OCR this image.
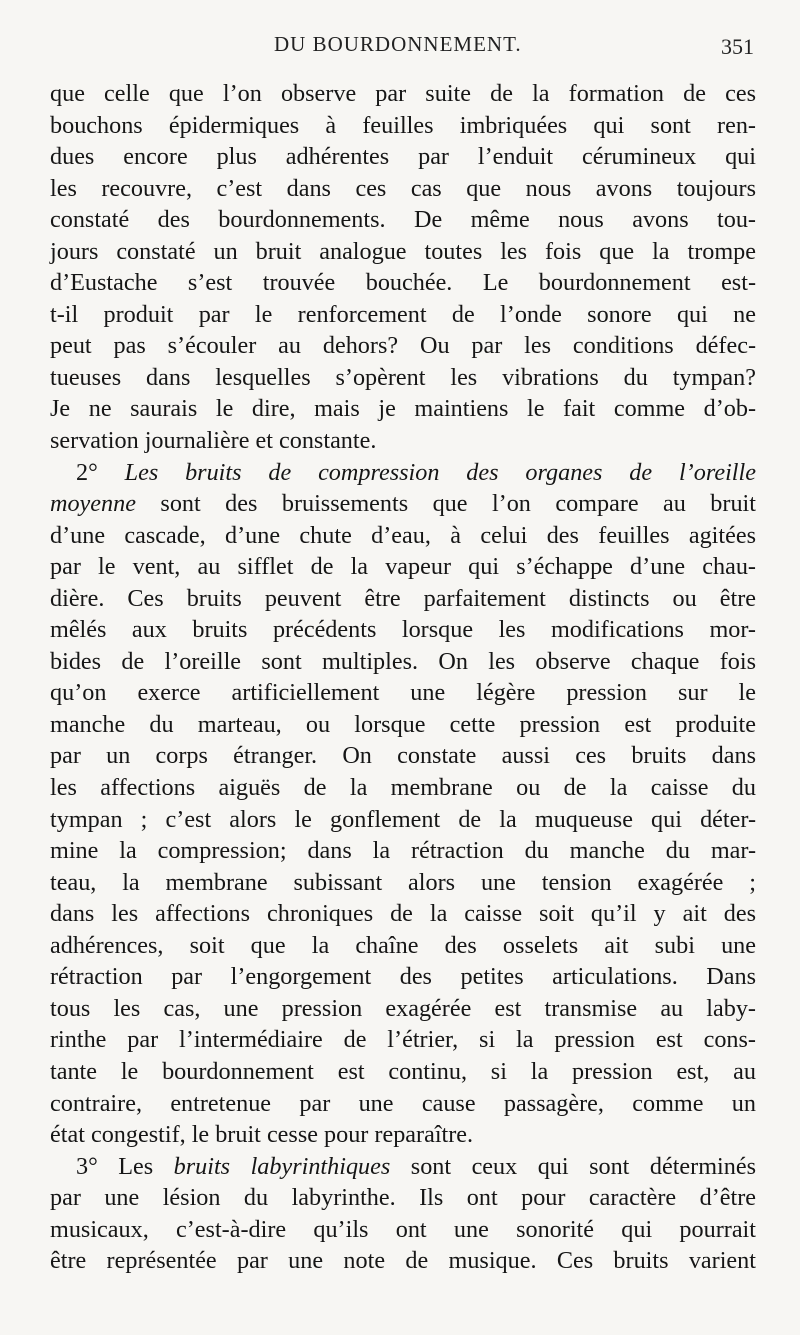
DU BOURDONNEMENT.	351
que celle que l’on observe par suite de la formation de ces
bouchons épidermiques à feuilles imbriquées qui sont ren-
dues encore plus adhérentes par l’enduit cérumineux qui
les recouvre, c’est dans ces cas que nous avons toujours
constaté des bourdonnements. De même nous avons tou-
jours constaté un bruit analogue toutes les fois que la trompe
d’Eustache s’est trouvée bouchée. Le bourdonnement est-
t-il produit par le renforcement de l’onde sonore qui ne
peut pas s’écouler au dehors? Ou par les conditions défec-
tueuses dans lesquelles s’opèrent les vibrations du tympan?
Je ne saurais le dire, mais je maintiens le fait comme d’ob-
servation journalière et constante.
2° Les bruits de compression des organes de l’oreille
moyenne sont des bruissements que l’on compare au bruit
d’une cascade, d’une chute d’eau, à celui des feuilles agitées
par le vent, au sifflet de la vapeur qui s’échappe d’une chau-
dière. Ces bruits peuvent être parfaitement distincts ou être
mêlés aux bruits précédents lorsque les modifications mor-
bides de l’oreille sont multiples. On les observe chaque fois
qu’on exerce artificiellement une légère pression sur le
manche du marteau, ou lorsque cette pression est produite
par un corps étranger. On constate aussi ces bruits dans
les affections aiguës de la membrane ou de la caisse du
tympan ; c’est alors le gonflement de la muqueuse qui déter-
mine la compression; dans la rétraction du manche du mar-
teau, la membrane subissant alors une tension exagérée ;
dans les affections chroniques de la caisse soit qu’il y ait des
adhérences, soit que la chaîne des osselets ait subi une
rétraction par l’engorgement des petites articulations. Dans
tous les cas, une pression exagérée est transmise au laby-
rinthe par l’intermédiaire de l’étrier, si la pression est cons-
tante le bourdonnement est continu, si la pression est, au
contraire, entretenue par une cause passagère, comme un
état congestif, le bruit cesse pour reparaître.
3° Les bruits labyrinthiques sont ceux qui sont déterminés
par une lésion du labyrinthe. Ils ont pour caractère d’être
musicaux, c’est-à-dire qu’ils ont une sonorité qui pourrait
être représentée par une note de musique. Ces bruits varient
